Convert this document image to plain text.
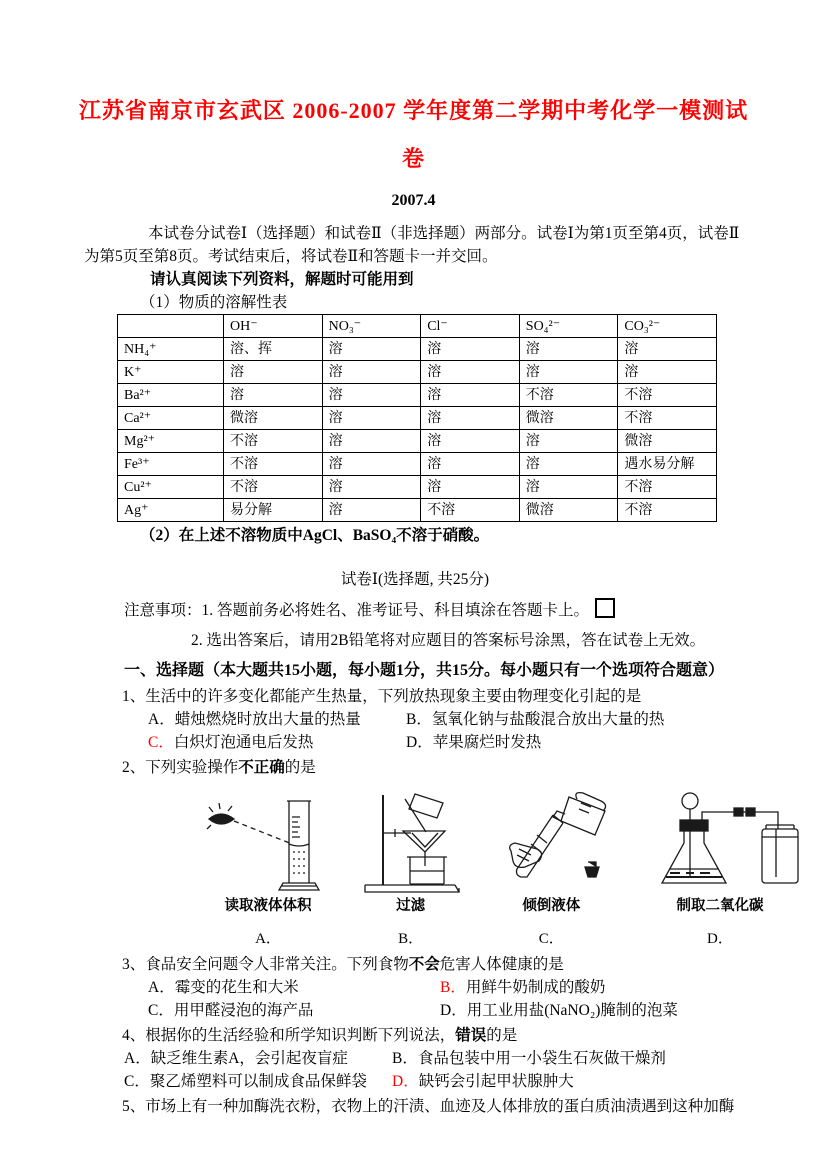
江苏省南京市玄武区 2006-2007 学年度第二学期中考化学一模测试
卷
2007.4
本试卷分试卷Ⅰ（选择题）和试卷Ⅱ（非选择题）两部分。试卷Ⅰ为第1页至第4页，试卷Ⅱ为第5页至第8页。考试结束后，将试卷Ⅱ和答题卡一并交回。
请认真阅读下列资料，解题时可能用到
（1）物质的溶解性表
	OH⁻	NO₃⁻	Cl⁻	SO₄²⁻	CO₃²⁻
NH₄⁺	溶、挥	溶	溶	溶	溶
K⁺	溶	溶	溶	溶	溶
Ba²⁺	溶	溶	溶	不溶	不溶
Ca²⁺	微溶	溶	溶	微溶	不溶
Mg²⁺	不溶	溶	溶	溶	微溶
Fe³⁺	不溶	溶	溶	溶	遇水易分解
Cu²⁺	不溶	溶	溶	溶	不溶
Ag⁺	易分解	溶	不溶	微溶	不溶
（2）在上述不溶物质中AgCl、BaSO₄不溶于硝酸。
试卷Ⅰ(选择题, 共25分)
注意事项：1. 答题前务必将姓名、准考证号、科目填涂在答题卡上。
2. 选出答案后，请用2B铅笔将对应题目的答案标号涂黑，答在试卷上无效。
一、选择题（本大题共15小题，每小题1分，共15分。每小题只有一个选项符合题意）
1、生活中的许多变化都能产生热量，下列放热现象主要由物理变化引起的是
A．蜡烛燃烧时放出大量的热量	B．氢氧化钠与盐酸混合放出大量的热
C．白炽灯泡通电后发热	D．苹果腐烂时发热
2、下列实验操作不正确的是
读取液体体积
A．
过滤
B．
倾倒液体
C．
制取二氧化碳
D．
3、食品安全问题令人非常关注。下列食物不会危害人体健康的是
A．霉变的花生和大米	B．用鲜牛奶制成的酸奶
C．用甲醛浸泡的海产品	D．用工业用盐(NaNO₂)腌制的泡菜
4、根据你的生活经验和所学知识判断下列说法，错误的是
A．缺乏维生素A，会引起夜盲症	B．食品包装中用一小袋生石灰做干燥剂
C．聚乙烯塑料可以制成食品保鲜袋	D．缺钙会引起甲状腺肿大
5、市场上有一种加酶洗衣粉，衣物上的汗渍、血迹及人体排放的蛋白质油渍遇到这种加酶
